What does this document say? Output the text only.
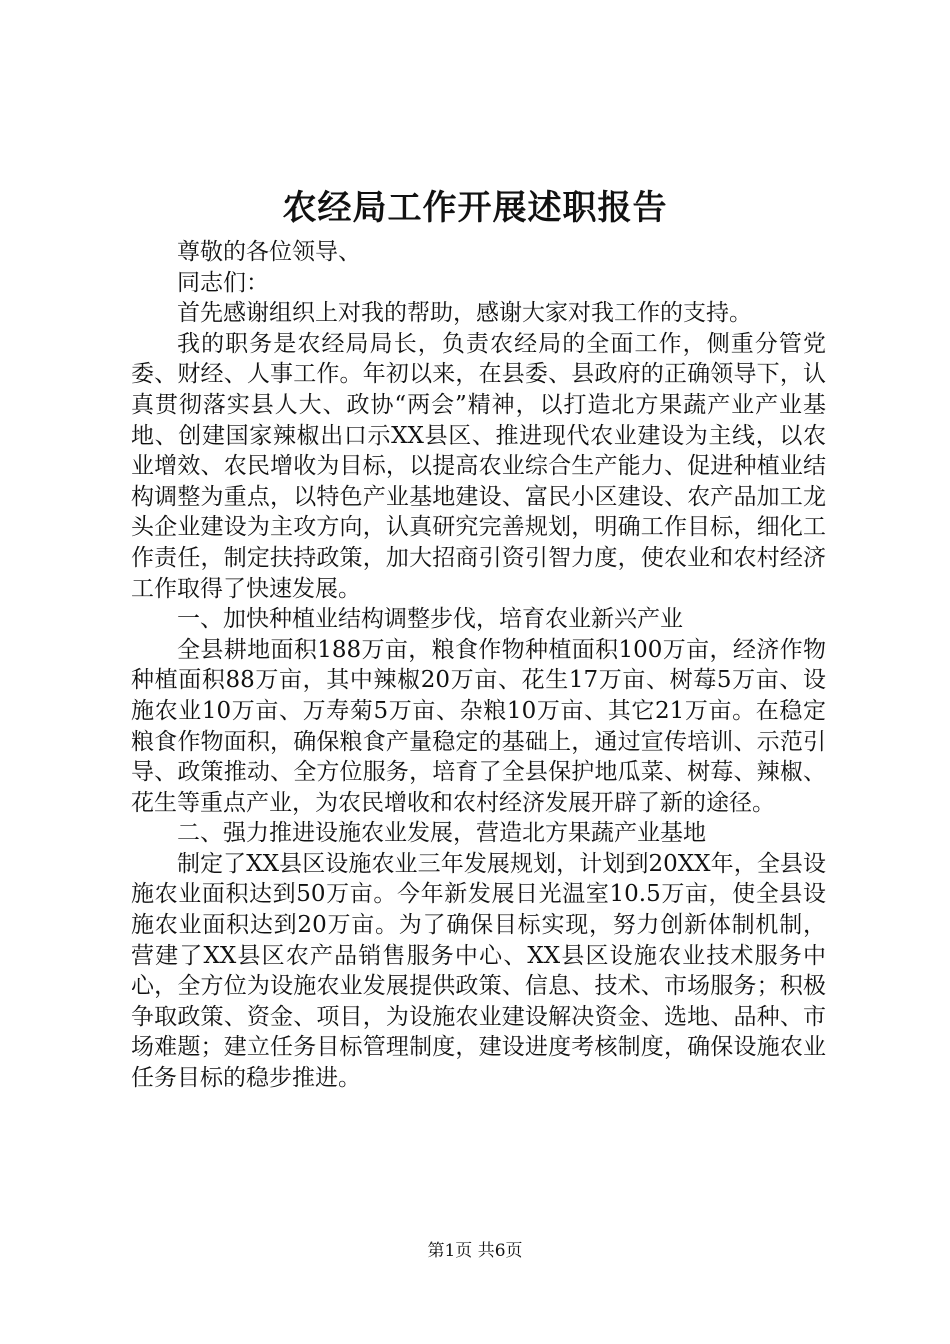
农经局工作开展述职报告

尊敬的各位领导、

同志们：

首先感谢组织上对我的帮助，感谢大家对我工作的支持。

我的职务是农经局局长，负责农经局的全面工作，侧重分管党委、财经、人事工作。年初以来，在县委、县政府的正确领导下，认真贯彻落实县人大、政协“两会”精神，以打造北方果蔬产业产业基地、创建国家辣椒出口示XX县区、推进现代农业建设为主线，以农业增效、农民增收为目标，以提高农业综合生产能力、促进种植业结构调整为重点，以特色产业基地建设、富民小区建设、农产品加工龙头企业建设为主攻方向，认真研究完善规划，明确工作目标，细化工作责任，制定扶持政策，加大招商引资引智力度，使农业和农村经济工作取得了快速发展。

一、加快种植业结构调整步伐，培育农业新兴产业

全县耕地面积188万亩，粮食作物种植面积100万亩，经济作物种植面积88万亩，其中辣椒20万亩、花生17万亩、树莓5万亩、设施农业10万亩、万寿菊5万亩、杂粮10万亩、其它21万亩。在稳定粮食作物面积，确保粮食产量稳定的基础上，通过宣传培训、示范引导、政策推动、全方位服务，培育了全县保护地瓜菜、树莓、辣椒、花生等重点产业，为农民增收和农村经济发展开辟了新的途径。

二、强力推进设施农业发展，营造北方果蔬产业基地

制定了XX县区设施农业三年发展规划，计划到20XX年，全县设施农业面积达到50万亩。今年新发展日光温室10.5万亩，使全县设施农业面积达到20万亩。为了确保目标实现，努力创新体制机制，营建了XX县区农产品销售服务中心、XX县区设施农业技术服务中心，全方位为设施农业发展提供政策、信息、技术、市场服务；积极争取政策、资金、项目，为设施农业建设解决资金、选地、品种、市场难题；建立任务目标管理制度，建设进度考核制度，确保设施农业任务目标的稳步推进。

第1页 共6页
